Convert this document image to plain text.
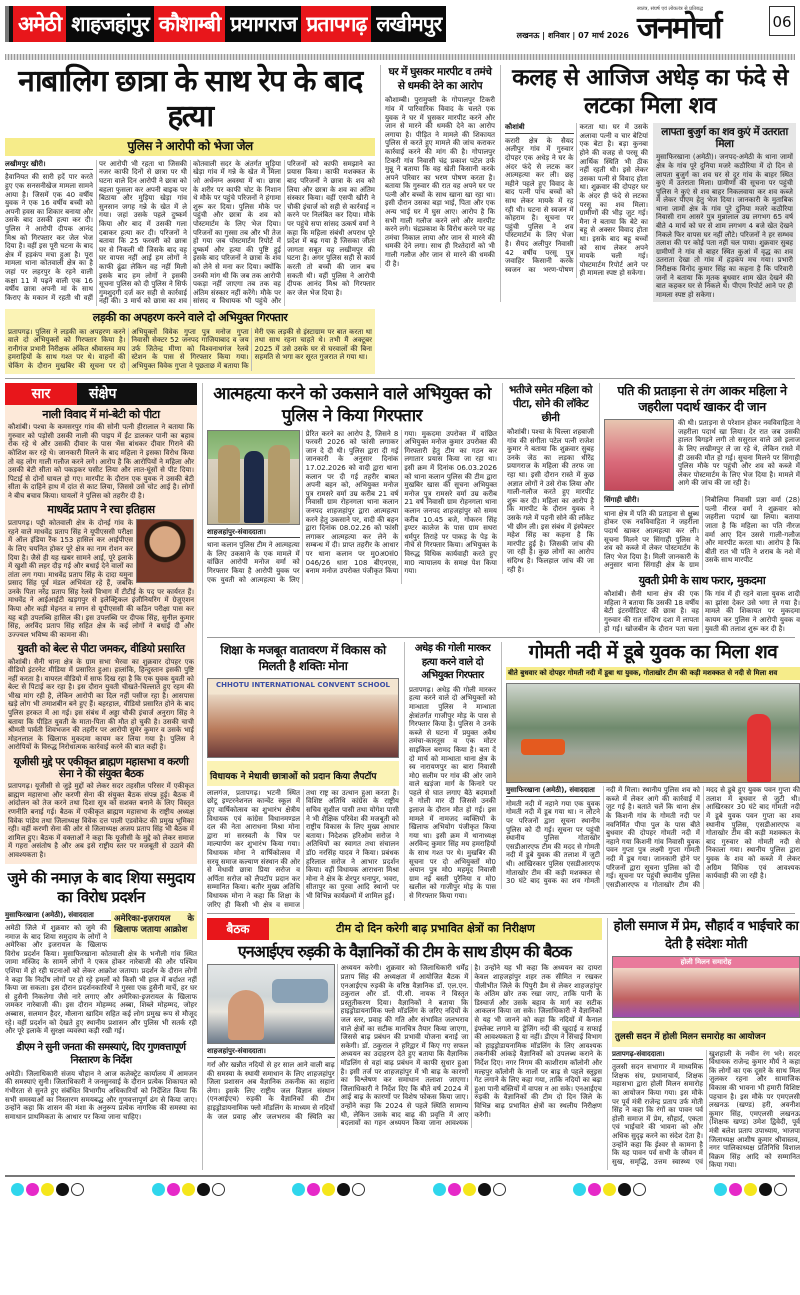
अमेठी शाहजहांपुर कौशाम्बी प्रयागराज प्रतापगढ़ लखीमपुर	लखनऊ | शनिवार | 07 मार्च 2026
स्वतंत्र, संघर्ष एवं लोकतंत्र से प्रतिबद्ध
जनमोर्चा	06
नाबालिग छात्रा के साथ रेप के बाद हत्या
पुलिस ने आरोपी को भेजा जेल
लखीमपुर खीरी।
हैवानियत की सारी हदें पार करते हुए एक सनसनीखेज मामला सामने आया है। जिसमें एक 40 वर्षीय युवक ने एक 16 वर्षीय बच्ची को अपनी हवस का शिकार बनाया और उसके बाद उसकी हत्या कर दी। पुलिस ने आरोपी दीपक आनंद मिश्र को गिरफ्तार कर जेल भेज दिया है। वहीं इस पूरी घटना के बाद क्षेत्र में हड़कंप मचा हुआ है। पूरा मामला थाना कोतवाली क्षेत्र का है जहां पर लहरपुर के रहने वाली कक्षा 11 में पढ़ने वाली एक 16 वर्षीय छात्रा अपनी मां के साथ किराए के मकान में रहती थी वहीं पर आरोपी भी रहता था जिसकी नजर काफी दिनों से छात्रा पर थी घटना वाले दिन आरोपी ने छात्रा को बहला फुसला कर अपनी बाइक पर बिठाया और मुड़िया खेड़ा गांव सुनसान जगह गन्ने के खेत में ले गया। जहां उसके पहले दुष्कर्म किया और बाद में उसकी गला दबाकर हत्या कर दी। परिजनों ने बताया कि 25 फरवरी को छात्रा घर से निकली थी जिसके बाद वह घर वापस नहीं आई हम लोगों ने काफी ढूंढा लेकिन वह नहीं मिली इसके बाद हम लोगों ने इसकी सूचना पुलिस को दी पुलिस ने सिर्फ गुमशुदगी दर्ज कर सही से कार्रवाई नहीं की। 3 मार्च को छात्रा का शव कोतवाली सदर के अंतर्गत मुड़िया खेड़ा गांव में गन्ने के खेत में मिला जो अर्धनग्न अवस्था में था। छात्रा के शरीर पर काफी चोट के निशान थे मौके पर पहुंचे परिजनों ने हंगामा शुरू कर दिया। पुलिस मौके पर पहुंची और छात्रा के शव को पोस्टमार्टम के लिए भेज दिया। परिजनों का गुस्सा तब और भी तेज हो गया जब पोस्टमार्टम रिपोर्ट में दुष्कर्म और हत्या की पुष्टि हुई इसके बाद परिजनों ने छात्रा के शव को लेने से मना कर दिया। क्योंकि उनकी मांग थी कि जब तक आरोपी पकड़ा नहीं जाएगा तब तक वह अंतिम संस्कार नहीं करेंगे। मौके पर सांसद व विधायक भी पहुंचे और परिजनों को काफी समझाने का प्रयास किया। काफी मशक्कत के बाद परिजनों ने छात्रा के शव को लिया और छात्रा के शव का अंतिम संस्कार किया। वहीं एसपी खीरी ने चौकी इंचार्ज को सही से कार्रवाई न करने पर निलंबित कर दिया। मौके पर पहुंचे सपा सांसद उत्कर्ष वर्मा ने कहा कि महिला संबंधी अपराध पूरे प्रदेश में बढ़ गया है जिसका जीता जागता सबूत यह लखीमपुर की घटना है। अगर पुलिस सही से कार्य करती तो बच्ची की जान बच सकती थी। वहीं पुलिस ने आरोपी दीपक आनंद मिश्र को गिरफ्तार कर जेल भेज दिया है।
लड़की का अपहरण करने वाले दो अभियुक्त गिरफ्तार
प्रतापगढ़। पुलिस ने लड़की का अपहरण करने वाले दो अभियुक्तों को गिरफ्तार किया है। रानीगंज प्रभारी निरीक्षक अंकित श्रीवास्तव मय हमराहियों के साथ गश्त पर थे। वाहनों की चेकिंग के दौरान मुखबिर की सूचना पर दो अभियुक्तों विवेक गुप्ता पुत्र मनोज गुप्ता निवासी सेक्टर 52 जनपद गाजियाबाद व जय उर्फ जितेन्द्र मीणा को विश्वनाथगंज रेलवे स्टेशन के पास से गिरफ्तार किया गया। अभियुक्त विवेक गुप्ता ने पूछताछ में बताया कि मेरी एक लड़की से इंस्टाग्राम पर बात करता था तथा साथ रहना चाहते थे। तभी मैं अक्टूबर 2025 में उसे उसके घर से घरवालों की बिना सहमति से भगा कर सूरत गुजरात ले गया था।
घर में घुसकर मारपीट व तमंचे से धमकी देने का आरोप
कौशाम्बी। पुरामुफ्ती के गोपालपुर टिकरी गांव में पारिवारिक विवाद के चलते एक युवक ने घर में घुसकर मारपीट करने और जान से मारने की धमकी देने का आरोप लगाया है। पीड़ित ने मामले की शिकायत पुलिस से करते हुए मामले की जांच कराकर कार्रवाई करने की मांग की है। गोपालपुर टिकरी गांव निवासी चंद्र प्रकाश पटेल उर्फ मुन्नू ने बताया कि वह खेती किसानी करके अपने परिवार का भरण पोषण करता है। बताया कि गुरुवार की रात वह अपने घर पर पत्नी और बच्चों के साथ खाना खा रहा था। इसी दौरान उसका बड़ा भाई, पिता और एक अन्य भाई घर में घुस आए। आरोप है कि सभी गाली गलौज करने लगे और मारपीट करने लगे। चंद्रप्रकाश के विरोध करने पर वह तमंचा निकाल लाया और जान से मारने की धमकी देने लगा। साथ ही रिश्तेदारों को भी गाली गलौज और जान से मारने की धमकी दी है।
कलह से आजिज अधेड़ का फंदे से लटका मिला शव
कौशांबी
करारी क्षेत्र के सैयद अलीपुर गांव में गुरुवार दोपहर एक अधेड़ ने घर के अंदर फंदे से लटक कर आत्महत्या कर ली। छह महीने पहले हुए विवाद के बाद पत्नी पांच बच्चों को साथ लेकर मायके में रह रही थी। घटना से स्वजन में कोहराम है। सूचना पर पहुंची पुलिस ने शव पोस्टमार्टम के लिए भेजा है। सैयद अलीपुर निवासी 42 वर्षीय परसू पुत्र जवाहिर किसानी करके स्वजन का भरण-पोषण करता था। घर में उसके अलावा पत्नी व चार बेटियां एक बेटा है। बड़ा कुनबा होने की वजह से परसू की आर्थिक स्थिति भी ठीक नहीं रहती थी। इसे लेकर उसका पत्नी से विवाद होता था। शुक्रवार की दोपहर घर के अंदर ही फंदे से लटका परसू का शव मिला। ग्रामीणों की भीड़ जुट गई। मैना ने बताया कि बेटे का बहू से अक्सर विवाद होता था। इसके बाद बहू बच्चों को साथ लेकर अपने मायके चली गई। पोस्टमार्टम रिपोर्ट आने पर ही मामला स्पष्ट हो सकेगा।
लापता बुजुर्ग का शव कुएं में उतराता मिला
मुसाफिरखाना (अमेठी)। जनपद-अमेठी के थाना जामों क्षेत्र के गांव पूरे दुनिया मजरे कठौरिया में दो दिन से लापता बुजुर्ग का शव घर से दूर गांव के बाहर स्थित कुएं में उतराता मिला। ग्रामीणों की सूचना पर पहुंची पुलिस ने कुएं से शव बाहर निकलवाया कर शव कब्जे में लेकर पीएम हेतु भेज दिया। जानकारी के मुताबिक थाना जामों क्षेत्र के गांव पूरे दुनिया मजरे कठौरिया निवासी राम आसरे पुत्र मुन्नालाल उम्र लगभग 65 वर्ष बीते 4 मार्च को घर से शाम लगभग 4 बजे खेत देखने निकले फिर वापस घर नहीं लौटे। परिजनों ने हर सम्भव तलाश की पर कोई पता नहीं चल पाया। शुक्रवार सुबह ग्रामीणों ने गांव से बाहर स्थित कुआं में वृद्ध का शव उतराता देखा तो गांव में हड़कंप मच गया। प्रभारी निरीक्षक विनोद कुमार सिंह का कहना है कि परिवारी जनों ने बताया कि मृतक बुधवार शाम खेत देखने की बात कहकर घर से निकले थे। पीएम रिपोर्ट आने पर ही मामला स्पष्ट हो सकेगा।
सार	संक्षेप
नाली विवाद में मां-बेटी को पीटा
कौशांबी। पश्चा के कमसरपुर गांव की सोनी पत्नी हीरालाल ने बताया कि गुरुवार को पड़ोसी उसकी नाली की पाइप में ईंट डालकर पानी का बहाव रोक रहे थे और उसकी दीवार के पास भैंस बांधकर दीवार गिराने की कोशिश कर रहे थे। जानकारी मिलने के बाद महिला ने इसका विरोध किया तो वह लोग गाली गलौज करने लगे। आरोप है कि आरोपियों ने महिला और उसकी बेटी सीता को पकड़कर घसीट लिया और लात-घूंसों से पीट दिया। पिटाई से दोनों घायल हो गए। मारपीट के दौरान एक युवक ने उसकी बेटी सीता के दाहिने हाथ में दांत से काट लिया, जिससे उसे चोट आई है। लोगों ने बीच बचाव किया। घायलों ने पुलिस को तहरीर दी है।
माधवेंद्र प्रताप ने रचा इतिहास
प्रतापगढ़। पट्टी कोतवाली क्षेत्र के दोनई गांव के रहने वाले माधवेंद्र प्रताप सिंह ने यूपीएससी परीक्षा में ऑल इंडिया रैंक 153 हासिल कर आईपीएस के लिए चयनित होकर पूरे क्षेत्र का नाम रोशन कर दिया है। जैसे ही यह खबर सामने आई, पूरे इलाके में खुशी की लहर दौड़ गई और बधाई देने वालों का तांता लग गया। माधवेंद्र प्रताप सिंह के दादा यमुना प्रसाद सिंह पूर्व मंडल अभियंता रहे हैं, जबकि उनके पिता नरेंद्र प्रताप सिंह रेलवे विभाग में टीटीई के पद पर कार्यरत हैं। माधवेंद्र ने आईआईटी खड़गपुर से इलेक्ट्रिकल इंजीनियरिंग में ग्रेजुएशन किया और कड़ी मेहनत व लगन से यूपीएससी की कठिन परीक्षा पास कर यह बड़ी उपलब्धि हासिल की। इस उपलब्धि पर दीपक सिंह, सुनील कुमार सिंह, अरविंद प्रताप सिंह सहित क्षेत्र के कई लोगों ने बधाई दी और उज्ज्वल भविष्य की कामना की।
युवती को बेल्ट से पीटा जमकर, वीडियो प्रसारित
कौशांबी। सैनी थाना क्षेत्र के ग्राम सभा भैरवा का शुक्रवार दोपहर एक वीडियो इंटरनेट मीडिया में प्रसारित हुआ। हालांकि, हिन्दुस्तान इसकी पुष्टि नहीं करता है। वायरल वीडियो में साफ दिख रहा है कि एक युवक युवती को बेल्ट से पिटाई कर रहा है। इस दौरान युवती चीखते-चिल्लाते हुए रहम की भीख मांग रही है, लेकिन आरोपी का दिल नहीं पसीज रहा है। आसपास खड़े लोग भी तमाशबीन बने हुए हैं। बहरहाल, वीडियो प्रसारित होने के बाद पुलिस हरकत में आ गई। इस संबंध में अड्डा चौकी इंचार्ज अनुराग सिंह ने बताया कि पीड़ित युवती के माता-पिता की मौत हो चुकी है। उसकी चाची श्रीमती पार्वती शिवभजन की तहरीर पर आरोपी सुमेर कुमार व उसके भाई मोहनलाल के खिलाफ मुकदमा कायम कर लिया गया है। पुलिस ने आरोपियों के विरुद्ध निरोधात्मक कार्रवाई करने की बात कही है।
यूजीसी मुद्दे पर एकीकृत ब्राह्मण महासभा व करणी सेना ने की संयुक्त बैठक
प्रतापगढ़। यूजीसी से जुड़े मुद्दों को लेकर सदर तहसील परिसर में एकीकृत ब्राह्मण महासभा और करणी सेना की संयुक्त बैठक संपन्न हुई। बैठक में आंदोलन को तेज करने तथा दिशा सूत्र को सशक्त बनाने के लिए विस्तृत रणनीति बनाई गई। बैठक में एकीकृत ब्राह्मण महासभा के राष्ट्रीय अध्यक्ष विवेक पांडेय तथा जिलाध्यक्ष विवेक दत्त पाली एडवोकेट की प्रमुख भूमिका रही। वहीं करणी सेना की ओर से जिलाध्यक्ष अजय प्रताप सिंह भी बैठक में शामिल हुए। बैठक में वक्ताओं ने कहा कि यूजीसी के मुद्दे को लेकर समाज में गहरा असंतोष है और अब इसे राष्ट्रीय स्तर पर मजबूती से उठाने की आवश्यकता है।
जुमे की नमाज़ के बाद शिया समुदाय का विरोध प्रदर्शन
अमेरिका-इज़रायल के खिलाफ जताया आक्रोश
मुसाफिरखाना (अमेठी), संवाददाता
अमेठी जिले में शुक्रवार को जुमे की नमाज के बाद शिया समुदाय के लोगों ने अमेरिका और इजरायल के खिलाफ विरोध प्रदर्शन किया। मुसाफिरखाना कोतवाली क्षेत्र के भनौली गांव स्थित जामा मस्जिद के सामने लोगों ने एकत्र होकर नारेबाजी की और पश्चिम एशिया में हो रही घटनाओं को लेकर आक्रोश जताया। प्रदर्शन के दौरान लोगों ने कहा कि निर्दोष लोगों पर हो रहे हमलों को किसी भी हाल में बर्दाश्त नहीं किया जा सकता। इस दौरान प्रदर्शनकारियों ने गुस्सा एक हुसैनी मार्चे, हर घर से हुसैनी निकलेगा जैसे नारे लगाए और अमेरिका-इजरायल के खिलाफ जमकर नारेबाजी की। इस दौरान मोहम्मद अब्बा, शिब्ले मोहम्मद, जोहर अब्बास, सलमान हैदर, मौलाना खादिम सहित कई लोग प्रमुख रूप से मौजूद रहे। वहीं प्रदर्शन को देखते हुए स्थानीय प्रशासन और पुलिस भी सतर्क रही और पूरे इलाके में सुरक्षा व्यवस्था कड़ी रखी गई।
डीएम ने सुनी जनता की समस्याएं, दिए गुणवत्तापूर्ण निस्तारण के निर्देश
अमेठी। जिलाधिकारी संजय चौहान ने आज कलेक्ट्रेट कार्यालय में आमजन की समस्याएं सुनी। जिलाधिकारी ने जनसुनवाई के दौरान प्रत्येक शिकायत को गंभीरता से सुनते हुए संबंधित विभागीय अधिकारियों को निर्देशित किया कि सभी समस्याओं का निस्तारण समयबद्ध और गुणवत्तापूर्ण ढंग से किया जाए। उन्होंने कहा कि शासन की मंशा के अनुरूप प्रत्येक नागरिक की समस्या का समाधान प्राथमिकता के आधार पर किया जाना चाहिए।
आत्महत्या करने को उकसाने वाले अभियुक्त को पुलिस ने किया गिरफ्तार
शाहजहांपुर-संवाददाता।
थाना कलान पुलिस टीम ने आत्महत्या के लिए उकसाने के एक मामले में वांछित आरोपी मनोज वर्मा को गिरफ्तार किया है आरोपी युवक पर एक युवती को आत्महत्या के लिए प्रेरित करने का आरोप है, जिसने 8 फरवरी 2026 को फांसी लगाकर जान दे दी थी। पुलिस द्वारा दी गई जानकारी के अनुसार दिनांक 17.02.2026 को वादी द्वारा थाना कलान पर दी गई तहरीर बाबत अपनी बहन को, अभियुक्त मनोज पुत्र रामसरे वर्मा उम्र करीब 21 वर्ष निवासी ग्राम रोहनगला थाना कलान जनपद शाहजहांपुर द्वारा आत्महत्या करने हेतु उकसाने पर, वादी की बहन द्वारा दिनांक 08.02.26 को फांसी लगाकर आत्महत्या कर लेने के सम्बन्ध में दी। प्राप्त तहरीर के आधार पर थाना कलान पर मु0अ0सं0 046/26 धारा 108 बीएनएस, बनाम मनोज उपरोक्त पंजीकृत किया गया। मुकदमा उपरोक्त में वांछित अभियुक्त मनोज कुमार उपरोक्त की गिरफ्तारी हेतु टीम का गठन कर लगातार प्रयास किया जा रहा था। इसी क्रम में दिनांक 06.03.2026 को थाना कलान पुलिस की टीम द्वारा मुखबिर खास की सूचना अभियुक्त मनोज पुत्र रामसरे वर्मा उम्र करीब 21 वर्ष निवासी ग्राम रोहनगला थाना कलान जनपद शाहजहांपुर को समय करीब 10.45 बजे, गोकरन सिंह इण्टर कालेज के पास ग्राम सथरा धर्मपुर तिराहे पर पाकड़ के पेड़ के नीचे से गिरफ्तार किया। अभियुक्त के विरुद्ध विधिक कार्यवाही करते हुए मा0 न्यायालय के समक्ष पेश किया गया।
भतीजे समेत महिला को पीटा, सोने की लॉकेट छीनी
कौशांबी। पश्चा के चिल्ला शहबाजी गांव की संगीता पटेल पत्नी राजेश कुमार ने बताया कि शुक्रवार सुबह उनके जेठ का लड़का धीरेंद्र प्रयागराज के महिला की तरफ जा रहा था। इसी दौरान रास्ते में कुछ अज्ञात लोगों ने उसे रोक लिया और गाली-गलौज करते हुए मारपीट शुरू कर दी। महिला का आरोप है कि मारपीट के दौरान युवक ने उसके गले में पहनी सोने की लॉकेट भी छीन ली। इस संबंध में इंस्पेक्टर महेश सिंह का कहना है कि मारपीट हुई है। जिसकी जांच की जा रही है। कुछ लोगों का आरोप संदिग्ध है। फिलहाल जांच की जा रही है।
पति की प्रताड़ना से तंग आकर महिला ने जहरीला पदार्थ खाकर दी जान
की थी। प्रताड़ना से परेशान होकर नवविवाहिता ने जहरीला पदार्थ खा लिया। देर रात जब उसकी हालत बिगड़ने लगी तो ससुराल वाले उसे इलाज के लिए लखीमपुर ले जा रहे थे, लेकिन रास्ते में ही उसकी मौत हो गई। सूचना मिलने पर सिंगाही पुलिस मौके पर पहुंची और शव को कब्जे में लेकर पोस्टमार्टम के लिए भेज दिया है। मामले में आगे की जांच की जा रही है।
सिंगाही खीरी।
थाना क्षेत्र में पति की प्रताड़ना से क्षुब्ध होकर एक नवविवाहिता ने जहरीला पदार्थ खाकर आत्महत्या कर ली। सूचना मिलने पर सिंगाही पुलिस ने शव को कब्जे में लेकर पोस्टमार्टम के लिए भेज दिया है। मिली जानकारी के अनुसार थाना सिंगाही क्षेत्र के ग्राम निबौलिया निवासी प्रज्ञा वर्मा (28) पत्नी नीरज वर्मा ने शुक्रवार को जहरीला पदार्थ खा लिया। बताया जाता है कि महिला का पति नीरज वर्मा आए दिन उससे गाली-गलौज और मारपीट करता था। आरोप है कि बीती रात भी पति ने शराब के नशे में उसके साथ मारपीट
युवती प्रेमी के साथ फरार, मुकदमा
कौशांबी। सैनी थाना क्षेत्र की एक महिला ने बताया कि उसकी 18 वर्षीय बेटी इंटरमीडिएट की छात्रा है। वह गुरुवार की रात संदिग्ध दशा में लापता हो गई। खोजबीन के दौरान पता चला कि गांव में ही रहने वाला युवक शादी का झांसा देकर उसे भगा ले गया है। मामले की शिकायत पर मुकदमा कायम कर पुलिस ने आरोपी युवक व युवती की तलाश शुरू कर दी है।
शिक्षा के मजबूत वातावरण में विकास को मिलती है शक्तिः मोना
CHHOTU INTERNATIONAL CONVENT SCHOOL
विधायक ने मेधावी छात्राओं को प्रदान किया लैपटॉप
लालगंज, प्रतापगढ़। भटनी स्थित छोटू इण्टरनेशनल कान्वेंट स्कूल में हुए वार्षिकोत्सव का शुभारंभ क्षेत्रीय विधायक एवं कांग्रेस विधानमण्डल दल की नेता आराधना मिश्रा मोना द्वारा मां सरस्वती के चित्र पर माल्यार्पण कर शुभारंभ किया गया। विधायक मोना ने वार्षिकोत्सव में सरयू समाज कल्याण संस्थान की ओर से मेधावी छात्रा प्रिया सरोज व अर्पिता सरोज को लैपटॉप प्रदान कर सम्मानित किया। बतौर मुख्य अतिथि विधायक मोना ने कहा कि शिक्षा के जरिए ही किसी भी क्षेत्र व समाज तथा राष्ट्र का उत्थान हुआ करता है। विशिष्ट अतिथि कांग्रेस के राष्ट्रीय सचिव सुशील पासी तथा योगेश पासी ने भी शैक्षिक परिवेश की मजबूती को राष्ट्रीय विकास के लिए मुख्य आधार बताया। निदेशक हरिओम सरोज ने अतिथियों का स्वागत तथा संचालन डॉ0 नरसिंह यादव ने किया। प्रबंधक हरिलाल सरोज ने आभार प्रदर्शन किया। वहीं विधायक आराधना मिश्रा मोना ने क्षेत्र के शेरपुर धनापुर, भवरा, सीतापुर का पुरवा आदि स्थानों पर भी विभिन्न कार्यक्रमों में शामिल हुईं।
अधेड़ की गोली मारकर हत्या करने वाले दो अभियुक्त गिरफ्तार
प्रतापगढ़। अधेड़ की गोली मारकर हत्या करने वाले दो अभियुक्तों को मान्धाता पुलिस ने मान्धाता क्षेत्रांतर्गत गाजीपुर मोड़ के पास से गिरफ्तार किया है। पुलिस ने उनके कब्जे से घटना में प्रयुक्त अवैध तमंचा-कारतूस व एक मोटर साइकिल बरामद किया है। बता दें दो मार्च को मान्धाता थाना क्षेत्र के स्व नारायणपुर का बारा निवासी मो0 सलीम पर गांव की ओर जाने वाले खड़ंजा मार्ग के किनारे पर पहले से घात लगाए बैठे बदमाशों ने गोली मार दी जिससे उनकी इलाज के दौरान मौत हो गई। इस मामले में नामजद व्यक्तियों के खिलाफ अभियोग पंजीकृत किया गया था। इसी क्रम में थानाध्यक्ष अरविन्द कुमार सिंह मय हमराहियों के साथ गश्त पर थे। मुखबिर की सूचना पर दो अभियुक्तों मो0 अयान पुत्र मो0 महमूद निवासी ग्राम नई बस्ती पुरैनिया व मो0 खलील को गाजीपुर मोड़ के पास से गिरफ्तार किया गया।
गोमती नदी में डूबे युवक का मिला शव
बीते बुधवार को दोपहर गोमती नदी में डूबा था युवक, गोताखोर टीम की कड़ी मशक्कत से नदी से मिला शव
मुसाफिरखाना (अमेठी), संवाददाता
गोमती नदी में नहाने गया एक युवक गोमती नदी में डूब गया था। न लौटने पर परिजनों द्वारा सूचना स्थानीय पुलिस को दी गई। सूचना पर पहुंची स्थानीय पुलिस गोताखोर एसडीआरएफ टीम की मदद से गोमती नदी में डूबे युवक की तलाश में जुटी थी। आखिरकार पुलिस एसडीआरएफ गोताखोर टीम की कड़ी मशक्कत से 30 घंटे बाद युवक का शव गोमती नदी में मिला। स्थानीय पुलिस शव को कब्जे में लेकर आगे की कार्रवाई में जुट गई है। बताते चलें कि थाना क्षेत्र के किशनी गांव के गोमती नदी पर नवनिर्मित पीपा पुल के पास बीते बुधवार की दोपहर गोमती नदी में नहाने गया किशनी गांव निवासी युवक पवन गुप्ता पुत्र लक्ष्मी गुप्ता गोमती नदी में डूब गया। जानकारी होने पर परिजनों द्वारा सूचना पुलिस को दी गई। सूचना पर पहुंची स्थानीय पुलिस एसडीआरएफ व गोताखोर टीम की मदद से डूबे हुए युवक पवन गुप्ता की तलाश में बुधवार से जुटी थी। आखिरकार 30 घंटे बाद गोमती नदी में डूबे युवक पवन गुप्ता का शव स्थानीय पुलिस, एसडीआरएफ व गोताखोर टीम की कड़ी मशक्कत के बाद गुरुवार को गोमती नदी से निकाला गया। स्थानीय पुलिस द्वारा युवक के शव को कब्जे में लेकर अग्रिम विधिक एवं आवश्यक कार्यवाही की जा रही है।
बैठक	टीम दो दिन करेगी बाढ़ प्रभावित क्षेत्रों का निरीक्षण
एनआईएच रुड़की के वैज्ञानिकों की टीम के साथ डीएम की बैठक
शाहजहांपुर-संवाददाता।
गर्रा और खन्नौत नदियों से हर साल आने वाली बाढ़ की समस्या के स्थायी समाधान के लिए शाहजहांपुर जिला प्रशासन अब वैज्ञानिक तकनीक का सहारा लेगा। इसके लिए राष्ट्रीय जल विज्ञान संस्थान (एनआईएच) रुड़की के वैज्ञानिकों की टीम हाइड्रोडायनामिक फ्लो मॉडलिंग के माध्यम से नदियों के जल प्रवाह और जलभराव की स्थिति का अध्ययन करेगी। शुक्रवार को जिलाधिकारी धर्मेंद्र प्रताप सिंह की अध्यक्षता में आयोजित बैठक में एनआईएच रुड़की के वरिष्ठ वैज्ञानिक डॉ. एल.एन. ठकुराल और डॉ. पी.सी. नायक ने विस्तृत प्रस्तुतीकरण दिया। वैज्ञानिकों ने बताया कि हाइड्रोडायनामिक फ्लो मॉडलिंग के जरिए नदियों के जल स्तर, प्रवाह की गति और संभावित जलभराव वाले क्षेत्रों का सटीक मानचित्र तैयार किया जाएगा, जिससे बाढ़ प्रबंधन की प्रभावी योजना बनाई जा सकेगी। डॉ. ठकुराल ने हरिद्वार में किए गए सफल अध्ययन का उदाहरण देते हुए बताया कि वैज्ञानिक मॉडलिंग से वहां बाढ़ प्रबंधन में काफी सुधार हुआ है। इसी तर्ज पर शाहजहांपुर में भी बाढ़ के कारणों का विश्लेषण कर समाधान तलाशा जाएगा। जिलाधिकारी ने निर्देश दिए कि बीते वर्ष 2024 में आई बाढ़ के कारणों पर विशेष फोकस किया जाए। उन्होंने कहा कि 2024 से पहले स्थिति सामान्य थी, लेकिन उसके बाद बाढ़ की प्रवृत्ति में आए बदलावों का गहन अध्ययन किया जाना आवश्यक है। उन्होंने यह भी कहा कि अध्ययन का दायरा केवल शाहजहांपुर शहर तक सीमित न रखकर पीलीभीत जिले के पिपुरी डैम से लेकर शाहजहांपुर के अंतिम छोर तक रखा जाए, ताकि पानी के डिस्चार्ज और उसके बहाव के मार्ग का सटीक आकलन किया जा सके। जिलाधिकारी ने वैज्ञानिकों से यह भी जानने को कहा कि नदियों में कैनाल इंफ्लेक्ट लगाने या ड्रेजिंग नदी की खुदाई व सफाई की आवश्यकता है या नहीं। डीएम ने सिंचाई विभाग को हाइड्रोडायनामिक मॉडलिंग के लिए आवश्यक तकनीकी आंकड़े वैज्ञानिकों को उपलब्ध कराने के निर्देश दिए। नगर निगम की काशीराम कॉलोनी और मल्हपुर कॉलोनी के नालों पर बाढ़ से पहले स्लूइस गेट लगाने के लिए कहा गया, ताकि नदियों का बढ़ा हुआ पानी बस्तियों में वापस न आ सके। एनआईएच रुड़की के वैज्ञानिकों की टीम दो दिन जिले के विभिन्न बाढ़ प्रभावित क्षेत्रों का स्थलीय निरीक्षण करेगी।
होली समाज में प्रेम, सौहार्द व भाईचारे का देती है संदेशः मोती
होली मिलन समारोह
तुलसी सदन में होली मिलन समारोह का आयोजन
प्रतापगढ़-संवाददाता।
तुलसी सदन सभागार में माध्यमिक शिक्षक संघ, प्रधानाचार्य, शिक्षक महासभा द्वारा होली मिलन समारोह का आयोजन किया गया। इस मौके पर पूर्व मंत्री राजेन्द्र प्रताप उर्फ मोती सिंह ने कहा कि रंगों का पावन पर्व होली समाज में प्रेम, सौहार्द, एकता एवं भाईचारे की भावना को और अधिक सुदृढ़ करने का संदेश देता है। उन्होंने कहा कि ईश्वर से कामना है कि यह पावन पर्व सभी के जीवन में सुख, समृद्धि, उत्तम स्वास्थ्य एवं खुशहाली के नवीन रंग भरे। सदर विधायक राजेन्द्र कुमार मौर्य ने कहा कि लोगों का एक दूसरे के साथ मिल जुलकर रहना और सामाजिक विकास की भावना भी हमारी विशिष्ट पहचान है। इस मौके पर एमएलसी लखनऊ (खण्ड) हरी, अवनीश कुमार सिंह, एमएलसी लखनऊ (शिक्षक खण्ड) उमेश द्विवेदी, पूर्व मंत्री बलेश प्रताप उपाध्याय, भाजपा जिलाध्यक्ष आशीष कुमार श्रीवास्तव, नगर पालिकाध्यक्ष प्रतिनिधि विशाल विक्रम सिंह आदि को सम्मानित किया गया।
